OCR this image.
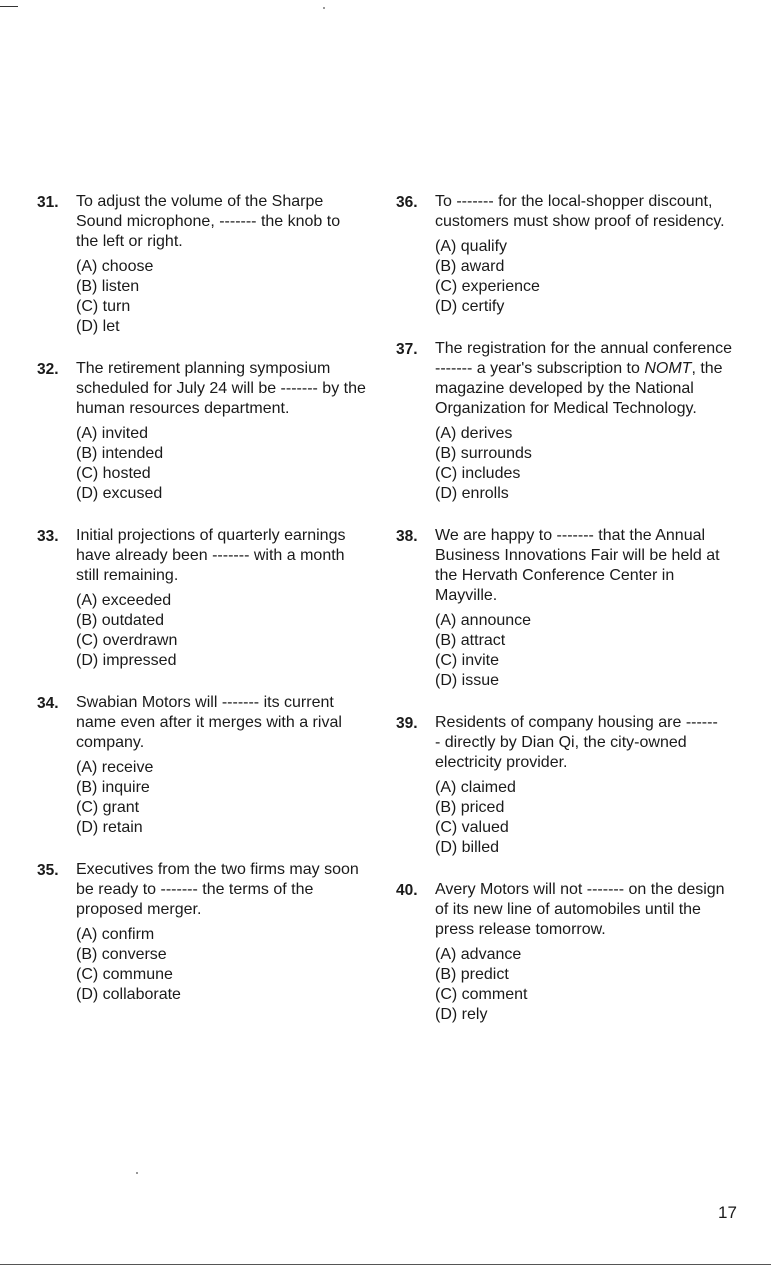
31. To adjust the volume of the Sharpe Sound microphone, ------- the knob to the left or right.

(A) choose
(B) listen
(C) turn
(D) let
32. The retirement planning symposium scheduled for July 24 will be ------- by the human resources department.

(A) invited
(B) intended
(C) hosted
(D) excused
33. Initial projections of quarterly earnings have already been ------- with a month still remaining.

(A) exceeded
(B) outdated
(C) overdrawn
(D) impressed
34. Swabian Motors will ------- its current name even after it merges with a rival company.

(A) receive
(B) inquire
(C) grant
(D) retain
35. Executives from the two firms may soon be ready to ------- the terms of the proposed merger.

(A) confirm
(B) converse
(C) commune
(D) collaborate
36. To ------- for the local-shopper discount, customers must show proof of residency.

(A) qualify
(B) award
(C) experience
(D) certify
37. The registration for the annual conference ------- a year's subscription to NOMT, the magazine developed by the National Organization for Medical Technology.

(A) derives
(B) surrounds
(C) includes
(D) enrolls
38. We are happy to ------- that the Annual Business Innovations Fair will be held at the Hervath Conference Center in Mayville.

(A) announce
(B) attract
(C) invite
(D) issue
39. Residents of company housing are ------- directly by Dian Qi, the city-owned electricity provider.

(A) claimed
(B) priced
(C) valued
(D) billed
40. Avery Motors will not ------- on the design of its new line of automobiles until the press release tomorrow.

(A) advance
(B) predict
(C) comment
(D) rely
17
